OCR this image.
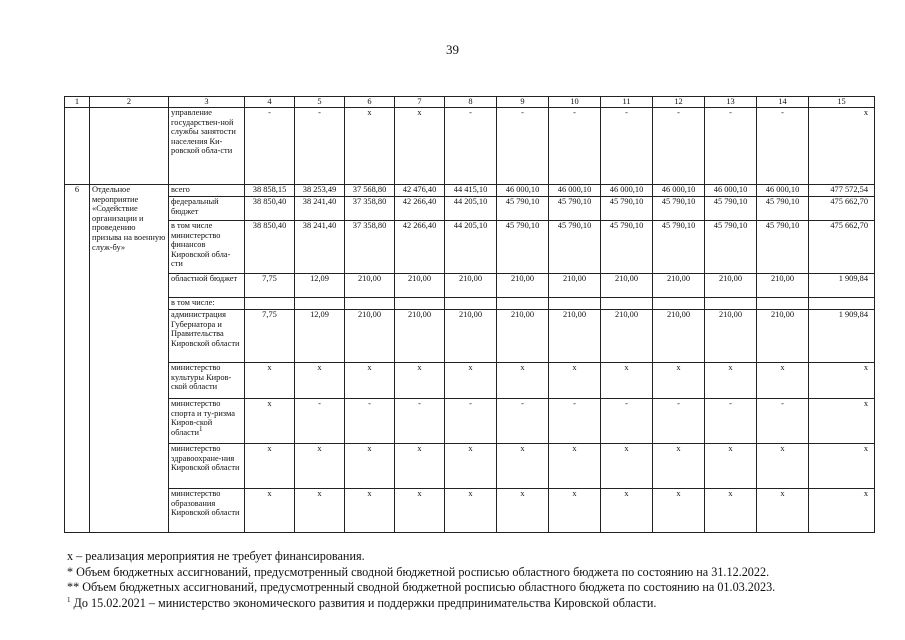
39
1	2	3	4	5	6	7	8	9	10	11	12	13	14	15
		управление государствен-ной службы занятости населения Ки-ровской обла-сти	-	-	х	х	-	-	-	-	-	-	-	х
6	Отдельное мероприятие «Содействие организации и проведению призыва на военную служ-бу»	всего	38 858,15	38 253,49	37 568,80	42 476,40	44 415,10	46 000,10	46 000,10	46 000,10	46 000,10	46 000,10	46 000,10	477 572,54
		федеральный бюджет	38 850,40	38 241,40	37 358,80	42 266,40	44 205,10	45 790,10	45 790,10	45 790,10	45 790,10	45 790,10	45 790,10	475 662,70
		в том числе министерство финансов Кировской обла-сти	38 850,40	38 241,40	37 358,80	42 266,40	44 205,10	45 790,10	45 790,10	45 790,10	45 790,10	45 790,10	45 790,10	475 662,70
		областной бюджет	7,75	12,09	210,00	210,00	210,00	210,00	210,00	210,00	210,00	210,00	210,00	1 909,84
		в том числе:												
		администрация Губернатора и Правительства Кировской области	7,75	12,09	210,00	210,00	210,00	210,00	210,00	210,00	210,00	210,00	210,00	1 909,84
		министерство культуры Киров-ской области	х	х	х	х	х	х	х	х	х	х	х	х
		министерство спорта и ту-ризма Киров-ской области$^1$	х	-	-	-	-	-	-	-	-	-	-	х
		министерство здравоохране-ния Кировской области	х	х	х	х	х	х	х	х	х	х	х	х
		министерство образования Кировской области	х	х	х	х	х	х	х	х	х	х	х	х

х – реализация мероприятия не требует финансирования.

* Объем бюджетных ассигнований, предусмотренный сводной бюджетной росписью областного бюджета по состоянию на 31.12.2022.

** Объем бюджетных ассигнований, предусмотренный сводной бюджетной росписью областного бюджета по состоянию на 01.03.2023.

$^1$ До 15.02.2021 – министерство экономического развития и поддержки предпринимательства Кировской области.
